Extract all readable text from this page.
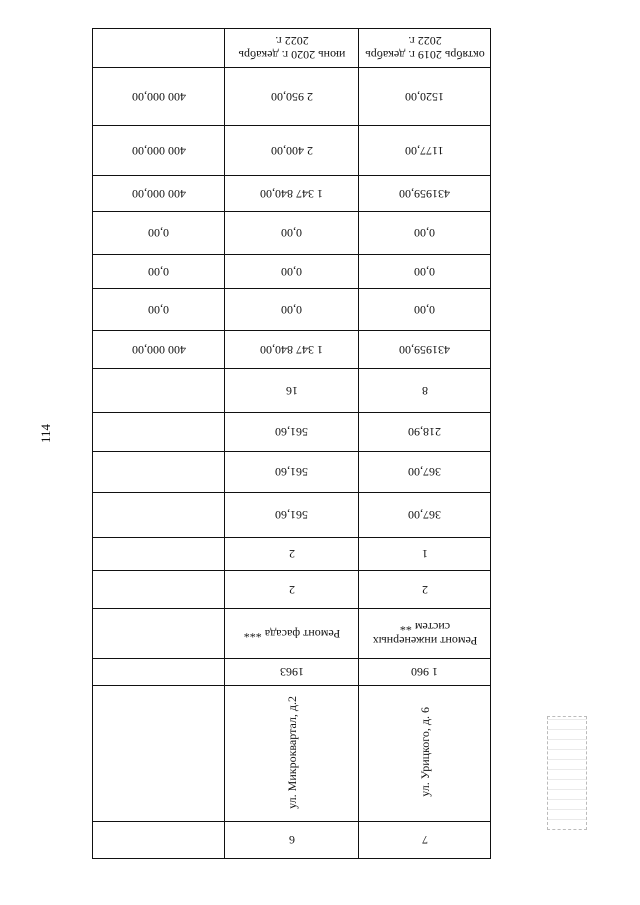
114
	июнь 2020 г. декабрь 2022 г.	октябрь 2019 г. декабрь 2022 г.
400 000,00	2 950,00	1520,00
400 000,00	2 400,00	1177,00
400 000,00	1 347 840,00	431959,00
0,00	0,00	0,00
0,00	0,00	0,00
0,00	0,00	0,00
400 000,00	1 347 840,00	431959,00
	16	8
	561,60	218,90
	561,60	367,00
	561,60	367,00
	2	1
	2	2
	Ремонт фасада ***	Ремонт инженерных систем **
	1963	1 960
	ул. Микроквартал, д.2	ул. Урицкого, д. 6
	6	7
